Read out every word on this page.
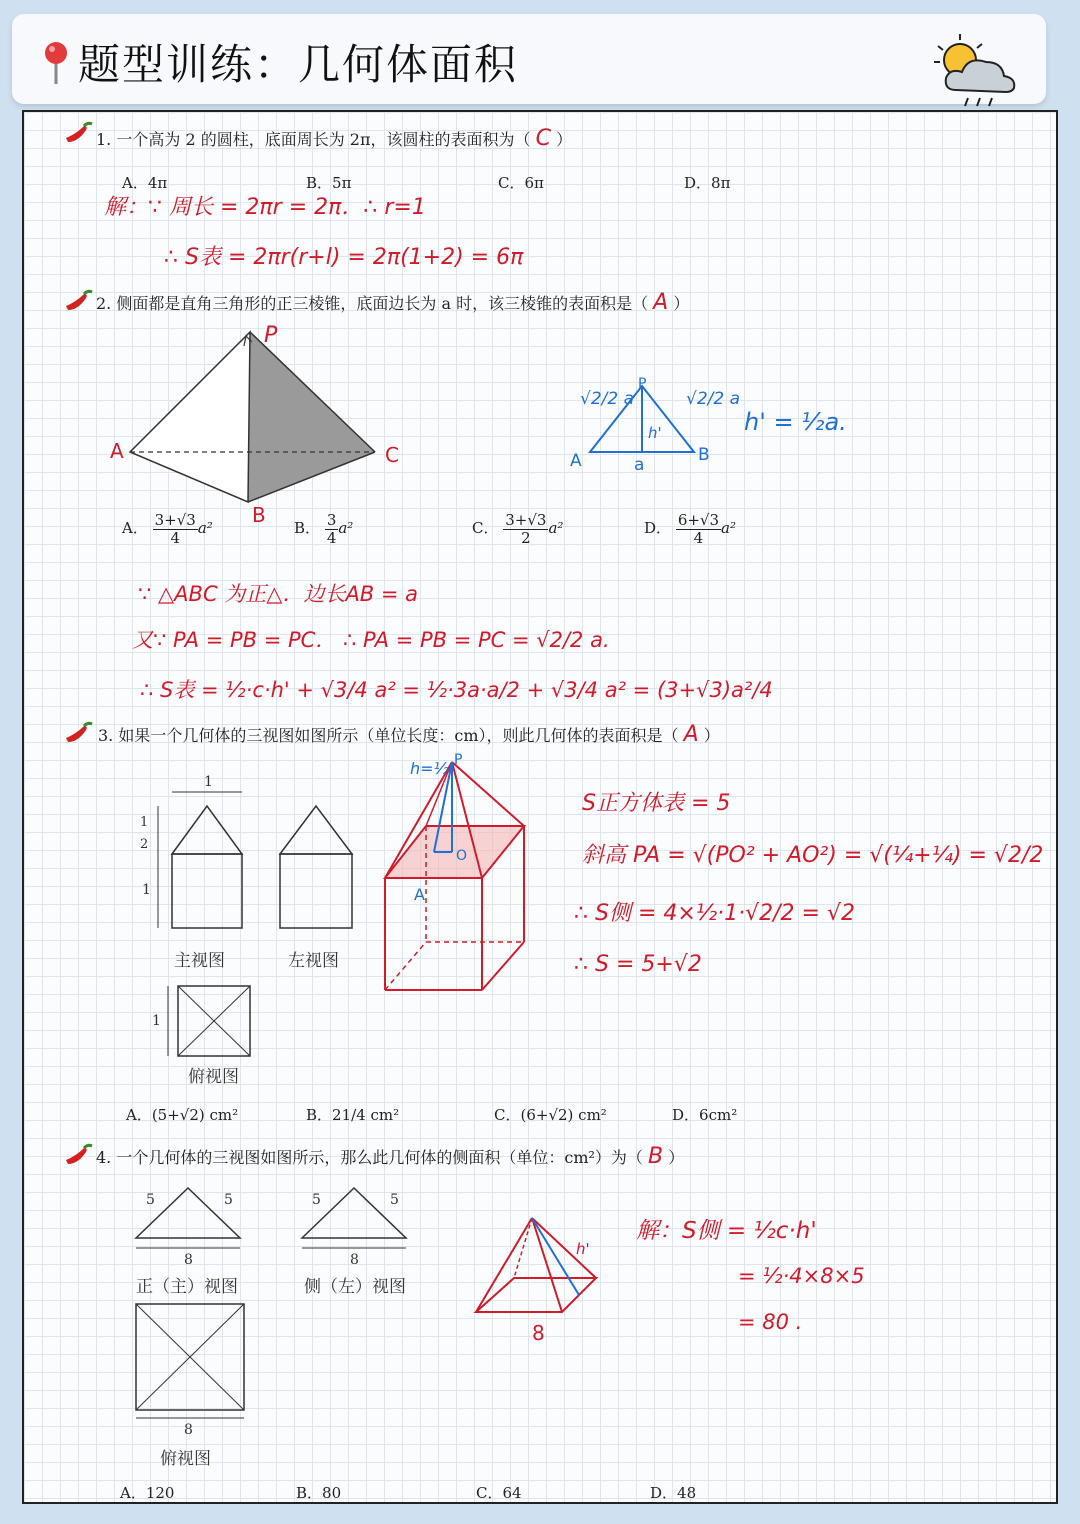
题型训练：几何体面积
1. 一个高为 2 的圆柱，底面周长为 2π，该圆柱的表面积为（ C ）
A．4π	B．5π	C．6π	D．8π
解：∵ 周长 = 2πr = 2π．∴ r=1
∴ S表 = 2πr(r+l) = 2π(1+2) = 6π
2. 侧面都是直角三角形的正三棱锥，底面边长为 a 时，该三棱锥的表面积是（ A ）
P
A
B
C
√2/2 a	√2/2 a
h'
P
A	B
a
h' = ½a.
A． $\frac{3+√3}{4} a^2$	B． $\frac{3}{4} a^2$	C． $\frac{3+√3}{2} a^2$	D． $\frac{6+√3}{4} a^2$
∵ △ABC 为正△．边长AB = a
又∵ PA = PB = PC． ∴ PA = PB = PC = √2/2 a.
∴ S表 = ½·c·h' + √3/4 a² = ½·3a·a/2 + √3/4 a² = (3+√3)a²/4
3. 如果一个几何体的三视图如图所示（单位长度：cm），则此几何体的表面积是（ A ）
1
1
2
1
1
主视图	左视图
俯视图
h=½ P
O
A
S正方体表 = 5
斜高 PA = √(PO² + AO²) = √(¼+¼) = √2/2
∴ S侧 = 4×½·1·√2/2 = √2
∴ S = 5+√2
A．(5+√2) cm²	B．21/4 cm²	C．(6+√2) cm²	D．6cm²
4. 一个几何体的三视图如图所示，那么此几何体的侧面积（单位：cm²）为（ B ）
5	5
8
5	5
8
8
正（主）视图	侧（左）视图
俯视图
h'
8
解：S侧 = ½c·h'
= ½·4×8×5
= 80 .
A．120	B．80	C．64	D．48
